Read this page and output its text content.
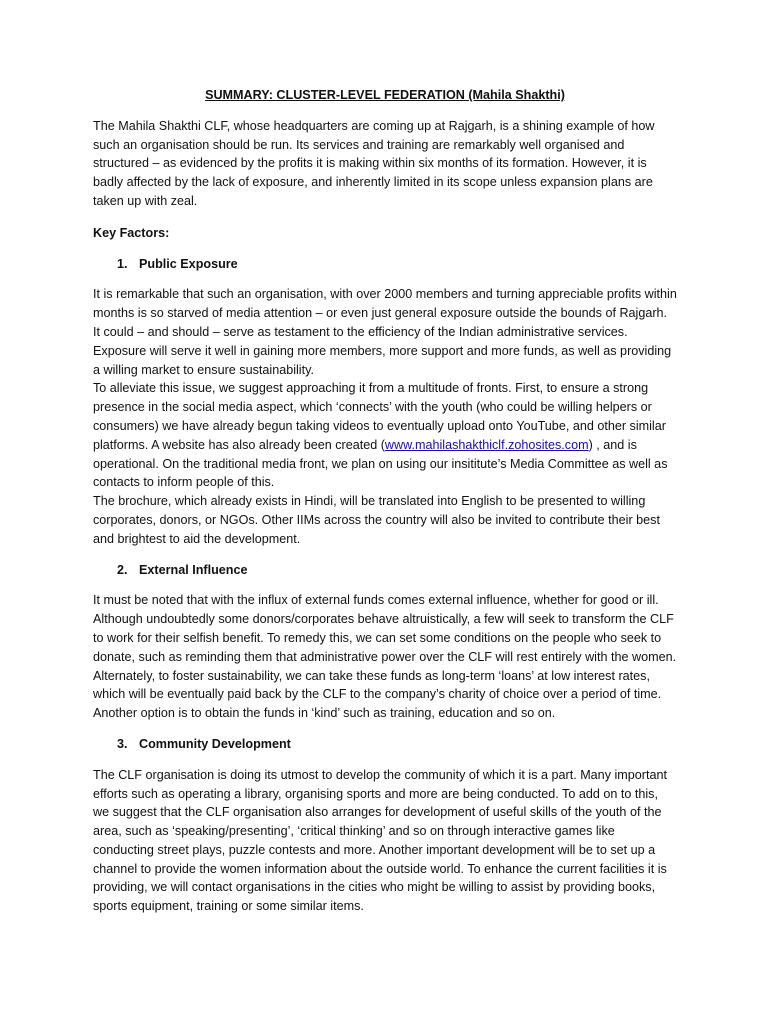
SUMMARY: CLUSTER-LEVEL FEDERATION (Mahila Shakthi)

The Mahila Shakthi CLF, whose headquarters are coming up at Rajgarh, is a shining example of how such an organisation should be run. Its services and training are remarkably well organised and structured – as evidenced by the profits it is making within six months of its formation. However, it is badly affected by the lack of exposure, and inherently limited in its scope unless expansion plans are taken up with zeal.

Key Factors:
1. Public Exposure

It is remarkable that such an organisation, with over 2000 members and turning appreciable profits within months is so starved of media attention – or even just general exposure outside the bounds of Rajgarh. It could – and should – serve as testament to the efficiency of the Indian administrative services. Exposure will serve it well in gaining more members, more support and more funds, as well as providing a willing market to ensure sustainability.

To alleviate this issue, we suggest approaching it from a multitude of fronts. First, to ensure a strong presence in the social media aspect, which ‘connects’ with the youth (who could be willing helpers or consumers) we have already begun taking videos to eventually upload onto YouTube, and other similar platforms. A website has also already been created (www.mahilashakthiclf.zohosites.com) , and is operational. On the traditional media front, we plan on using our insititute’s Media Committee as well as contacts to inform people of this.

The brochure, which already exists in Hindi, will be translated into English to be presented to willing corporates, donors, or NGOs. Other IIMs across the country will also be invited to contribute their best and brightest to aid the development.

2. External Influence

It must be noted that with the influx of external funds comes external influence, whether for good or ill. Although undoubtedly some donors/corporates behave altruistically, a few will seek to transform the CLF to work for their selfish benefit. To remedy this, we can set some conditions on the people who seek to donate, such as reminding them that administrative power over the CLF will rest entirely with the women. Alternately, to foster sustainability, we can take these funds as long-term ‘loans’ at low interest rates, which will be eventually paid back by the CLF to the company’s charity of choice over a period of time. Another option is to obtain the funds in ‘kind’ such as training, education and so on.

3. Community Development

The CLF organisation is doing its utmost to develop the community of which it is a part. Many important efforts such as operating a library, organising sports and more are being conducted. To add on to this, we suggest that the CLF organisation also arranges for development of useful skills of the youth of the area, such as ‘speaking/presenting’, ‘critical thinking’ and so on through interactive games like conducting street plays, puzzle contests and more. Another important development will be to set up a channel to provide the women information about the outside world. To enhance the current facilities it is providing, we will contact organisations in the cities who might be willing to assist by providing books, sports equipment, training or some similar items.
